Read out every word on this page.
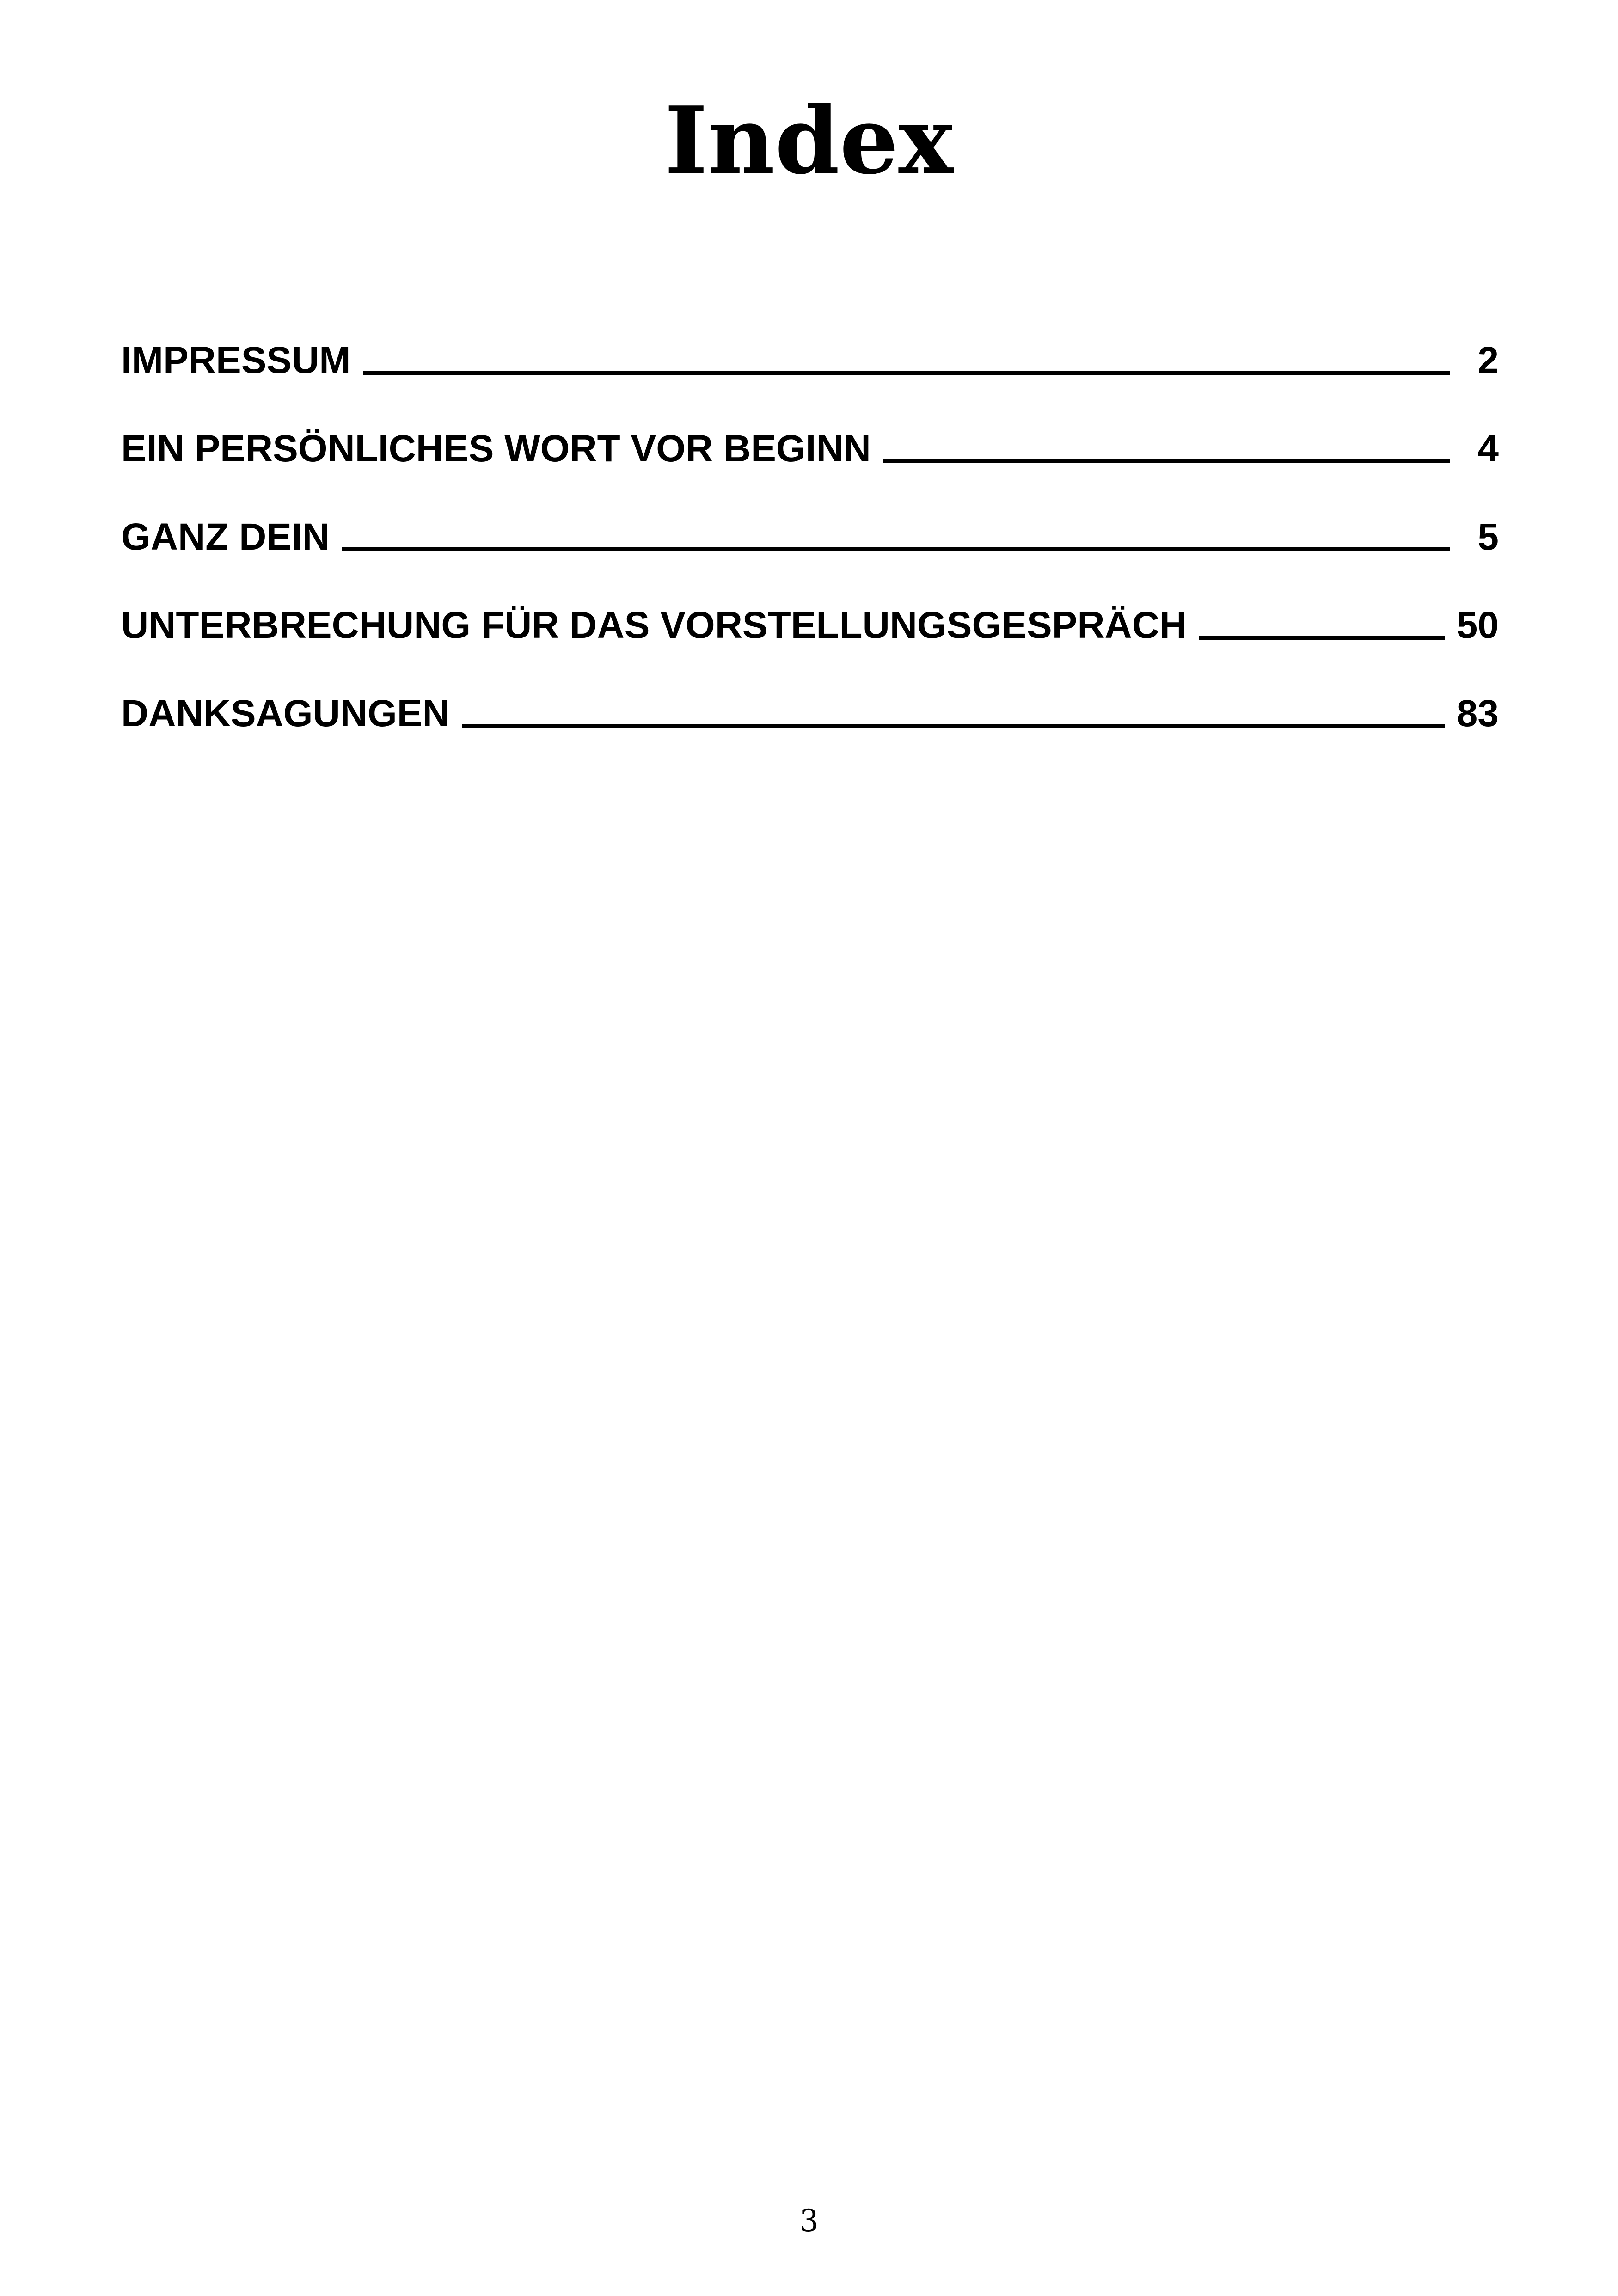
Index
IMPRESSUM	2
EIN PERSÖNLICHES WORT VOR BEGINN	4
GANZ DEIN	5
UNTERBRECHUNG FÜR DAS VORSTELLUNGSGESPRÄCH	50
DANKSAGUNGEN	83
3
